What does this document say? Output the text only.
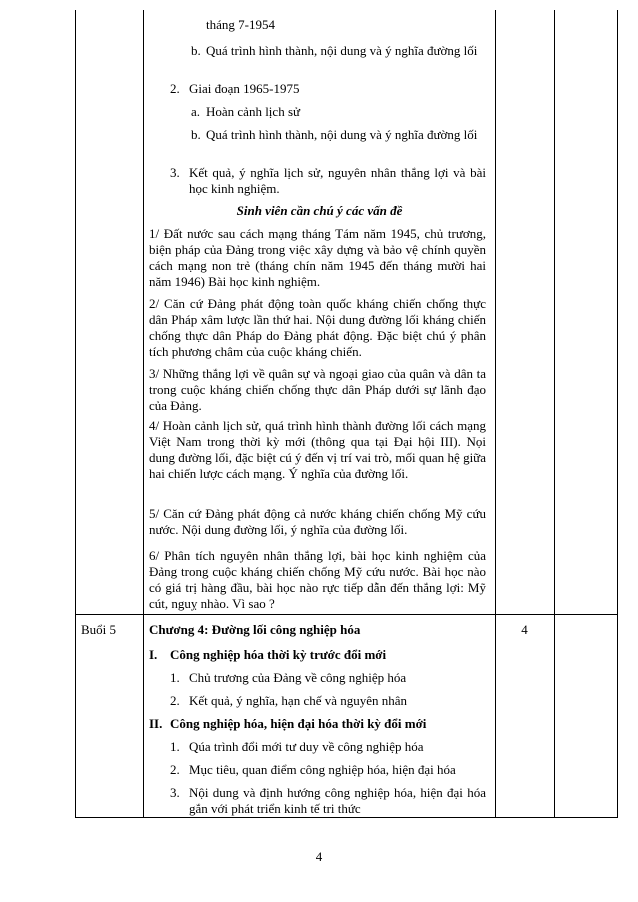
tháng 7-1954
b. Quá trình hình thành, nội dung và ý nghĩa đường lối
2. Giai đoạn 1965-1975
a. Hoàn cảnh lịch sử
b. Quá trình hình thành, nội dung và ý nghĩa đường lối
3. Kết quả, ý nghĩa lịch sử, nguyên nhân thắng lợi và bài học kinh nghiệm.
Sinh viên cần chú ý các vấn đề
1/ Đất nước sau cách mạng tháng Tám năm 1945, chủ trương, biện pháp của Đảng trong việc xây dựng và bảo vệ chính quyền cách mạng non trẻ (tháng chín năm 1945 đến tháng mười hai năm 1946) Bài học kinh nghiệm.
2/ Căn cứ Đảng phát động toàn quốc kháng chiến chống thực dân Pháp xâm lược lần thứ hai. Nội dung đường lối kháng chiến chống thực dân Pháp do Đảng phát động. Đặc biệt chú ý phân tích phương châm của cuộc kháng chiến.
3/ Những thắng lợi về quân sự và ngoại giao của quân và dân ta trong cuộc kháng chiến chống thực dân Pháp dưới sự lãnh đạo của Đảng.
4/ Hoàn cảnh lịch sử, quá trình hình thành đường lối cách mạng Việt Nam trong thời kỳ mới (thông qua tại Đại hội III). Nọi dung đường lối, đặc biệt cú ý đến vị trí vai trò, mối quan hệ giữa hai chiến lược cách mạng. Ý nghĩa của đường lối.
5/ Căn cứ Đảng phát động cả nước kháng chiến chống Mỹ cứu nước. Nội dung đường lối, ý nghĩa của đường lối.
6/ Phân tích nguyên nhân thắng lợi, bài học kinh nghiệm của Đảng trong cuộc kháng chiến chống Mỹ cứu nước. Bài học nào có giá trị hàng đầu, bài học nào rực tiếp dẫn đến thắng lợi: Mỹ cút, nguỵ nhào. Vì sao ?
Buổi 5	4
Chương 4: Đường lối công nghiệp hóa
I. Công nghiệp hóa thời kỳ trước đổi mới
1. Chủ trương của Đảng về công nghiệp hóa
2. Kết quả, ý nghĩa, hạn chế và nguyên nhân
II. Công nghiệp hóa, hiện đại hóa thời kỳ đổi mới
1. Qúa trình đổi mới tư duy về công nghiệp hóa
2. Mục tiêu, quan điểm công nghiệp hóa, hiện đại hóa
3. Nội dung và định hướng công nghiệp hóa, hiện đại hóa gắn với phát triển kinh tế tri thức
4
